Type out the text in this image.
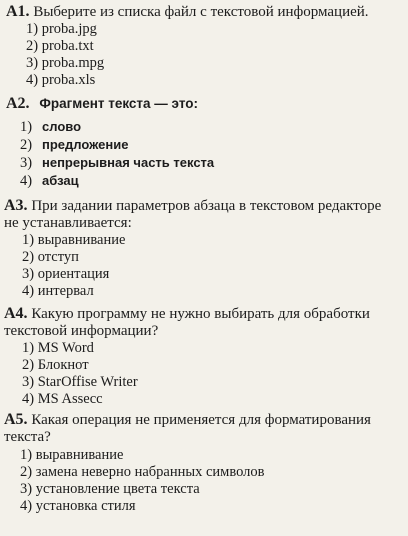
A1. Выберите из списка файл с текстовой информацией.
1) proba.jpg
2) proba.txt
3) proba.mpg
4) proba.xls
A2. Фрагмент текста — это:
1) слово
2) предложение
3) непрерывная часть текста
4) абзац
A3. При задании параметров абзаца в текстовом редакторе
не устанавливается:
1) выравнивание
2) отступ
3) ориентация
4) интервал
A4. Какую программу не нужно выбирать для обработки
текстовой информации?
1) MS Word
2) Блокнот
3) StarOffise Writer
4) MS Assecc
A5. Какая операция не применяется для форматирования
текста?
1) выравнивание
2) замена неверно набранных символов
3) установление цвета текста
4) установка стиля
